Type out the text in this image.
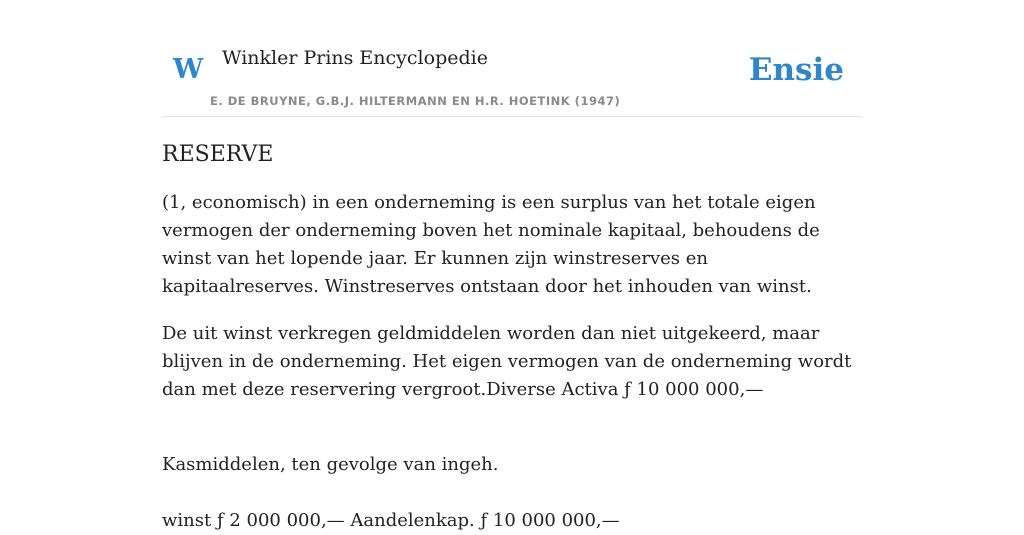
W Winkler Prins Encyclopedie
E. DE BRUYNE, G.B.J. HILTERMANN EN H.R. HOETINK (1947)
Ensie
RESERVE

(1, economisch) in een onderneming is een surplus van het totale eigen vermogen der onderneming boven het nominale kapitaal, behoudens de winst van het lopende jaar. Er kunnen zijn winstreserves en kapitaalreserves. Winstreserves ontstaan door het inhouden van winst.

De uit winst verkregen geldmiddelen worden dan niet uitgekeerd, maar blijven in de onderneming. Het eigen vermogen van de onderneming wordt dan met deze reservering vergroot.Diverse Activa ƒ 10 000 000,—

Kasmiddelen, ten gevolge van ingeh.

winst ƒ 2 000 000,— Aandelenkap. ƒ 10 000 000,—
